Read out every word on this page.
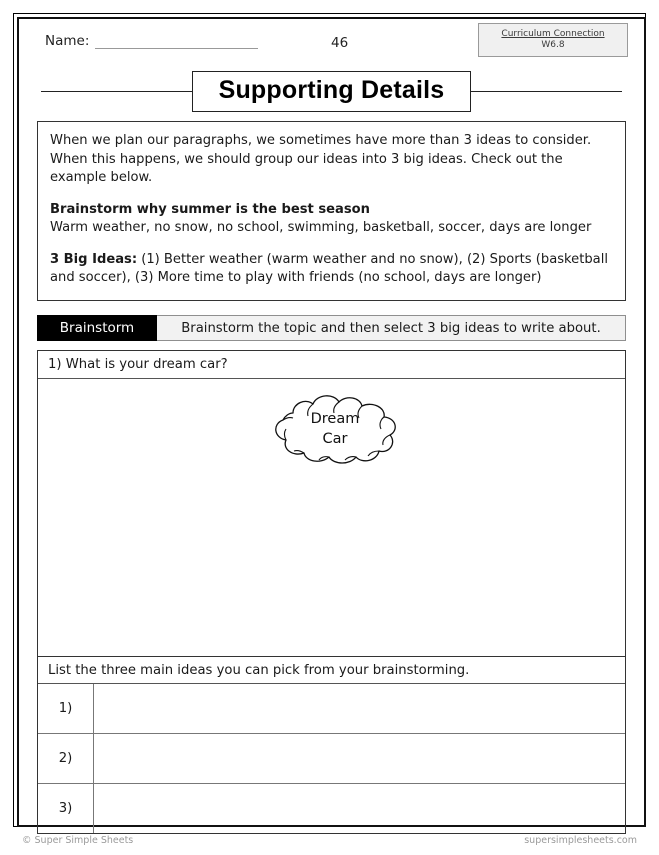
Name:	46
Curriculum Connection
W6.8
Supporting Details

When we plan our paragraphs, we sometimes have more than 3 ideas to consider. When this happens, we should group our ideas into 3 big ideas. Check out the example below.

Brainstorm why summer is the best season

Warm weather, no snow, no school, swimming, basketball, soccer, days are longer

3 Big Ideas: (1) Better weather (warm weather and no snow), (2) Sports (basketball and soccer), (3) More time to play with friends (no school, days are longer)

Brainstorm	Brainstorm the topic and then select 3 big ideas to write about.
1) What is your dream car?
Dream
Car
List the three main ideas you can pick from your brainstorming.
1)
2)
3)
© Super Simple Sheets	supersimplesheets.com
